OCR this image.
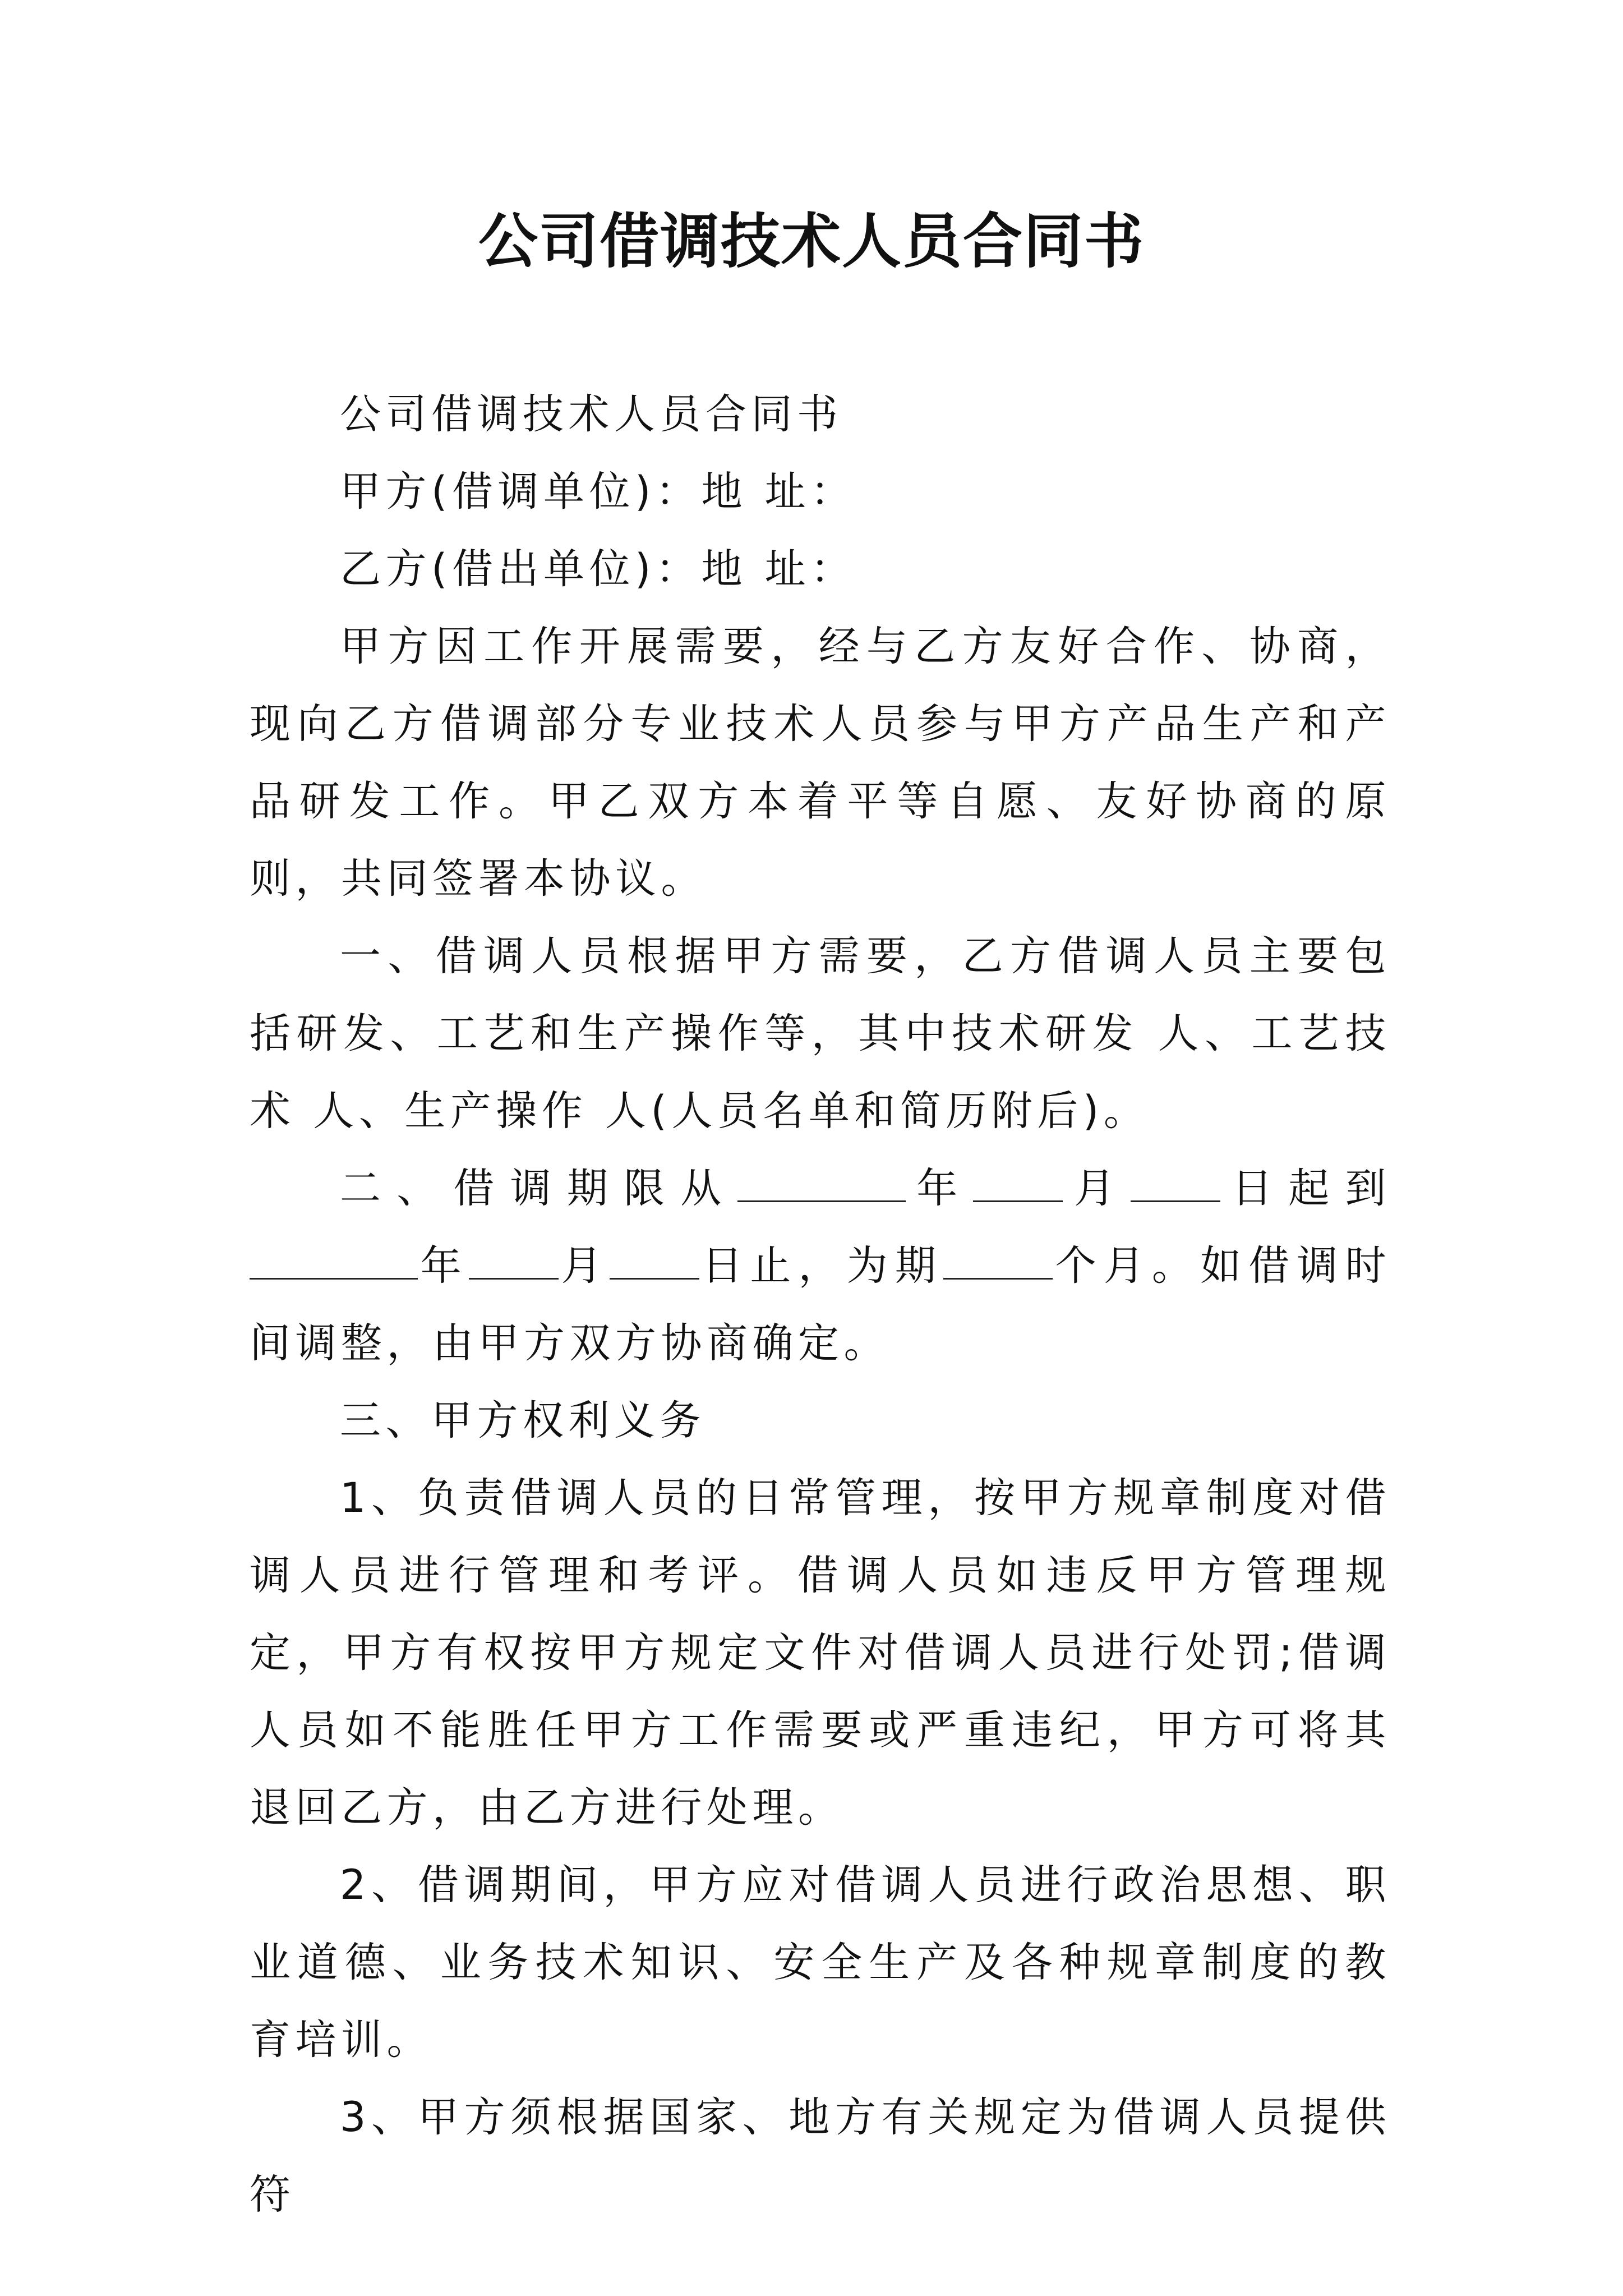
公司借调技术人员合同书

公司借调技术人员合同书

甲方(借调单位)：地 址：

乙方(借出单位)：地 址：

甲方因工作开展需要，经与乙方友好合作、协商，现向乙方借调部分专业技术人员参与甲方产品生产和产品研发工作。甲乙双方本着平等自愿、友好协商的原则，共同签署本协议。

一、借调人员根据甲方需要，乙方借调人员主要包括研发、工艺和生产操作等，其中技术研发 人、工艺技术 人、生产操作 人(人员名单和简历附后)。

二、借调期限从	年 月 日起到年 月 日止，为期	个月。如借调时间调整，由甲方双方协商确定。

三、甲方权利义务

1、负责借调人员的日常管理，按甲方规章制度对借调人员进行管理和考评。借调人员如违反甲方管理规定，甲方有权按甲方规定文件对借调人员进行处罚;借调人员如不能胜任甲方工作需要或严重违纪，甲方可将其退回乙方，由乙方进行处理。

2、借调期间，甲方应对借调人员进行政治思想、职业道德、业务技术知识、安全生产及各种规章制度的教育培训。

3、甲方须根据国家、地方有关规定为借调人员提供符
